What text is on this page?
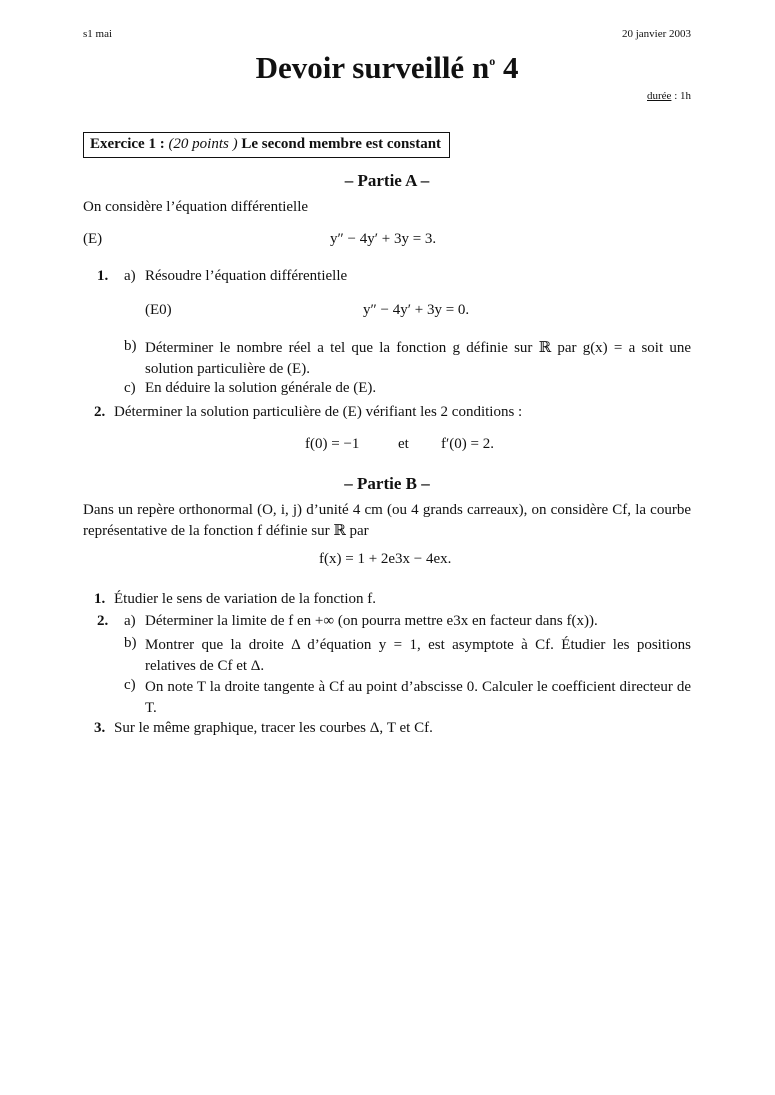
s1 mai	20 janvier 2003
Devoir surveillé $n^o$ 4
durée : 1h
Exercice 1 : (20 points ) Le second membre est constant
– Partie A –
On considère l’équation différentielle
(E)	y″ − 4y′ + 3y = 3.
1. a) Résoudre l’équation différentielle
(E0)	y″ − 4y′ + 3y = 0.
b) Déterminer le nombre réel a tel que la fonction g définie sur ℝ par g(x) = a soit une solution particulière de (E).
c) En déduire la solution générale de (E).
2. Déterminer la solution particulière de (E) vérifiant les 2 conditions :
f(0) = −1	et f′(0) = 2.
– Partie B –
Dans un repère orthonormal (O, i, j) d’unité 4 cm (ou 4 grands carreaux), on considère Cf, la courbe représentative de la fonction f définie sur ℝ par
f(x) = 1 + 2e3x − 4ex.
1. Étudier le sens de variation de la fonction f.
2. a) Déterminer la limite de f en +∞ (on pourra mettre e3x en facteur dans f(x)).
b) Montrer que la droite Δ d’équation y = 1, est asymptote à Cf. Étudier les positions relatives de Cf et Δ.
c) On note T la droite tangente à Cf au point d’abscisse 0. Calculer le coefficient directeur de T.
3. Sur le même graphique, tracer les courbes Δ, T et Cf.
